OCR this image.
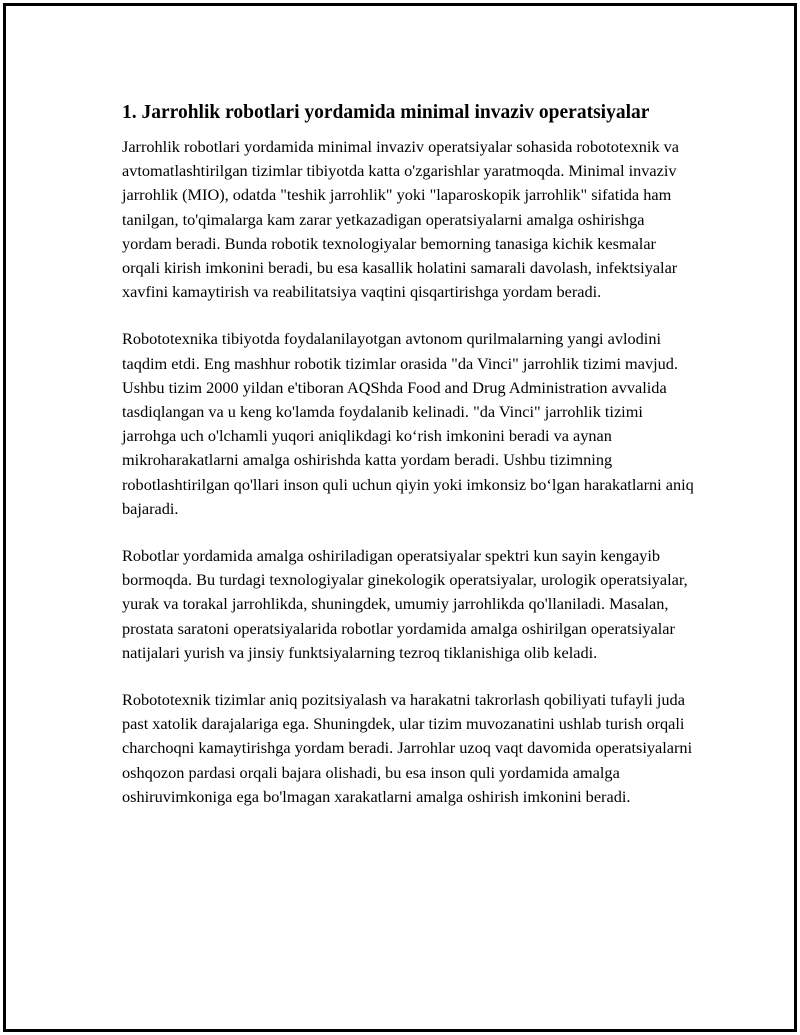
1. Jarrohlik robotlari yordamida minimal invaziv operatsiyalar

Jarrohlik robotlari yordamida minimal invaziv operatsiyalar sohasida robototexnik va avtomatlashtirilgan tizimlar tibiyotda katta o'zgarishlar yaratmoqda. Minimal invaziv jarrohlik (MIO), odatda "teshik jarrohlik" yoki "laparoskopik jarrohlik" sifatida ham tanilgan, to'qimalarga kam zarar yetkazadigan operatsiyalarni amalga oshirishga yordam beradi. Bunda robotik texnologiyalar bemorning tanasiga kichik kesmalar orqali kirish imkonini beradi, bu esa kasallik holatini samarali davolash, infektsiyalar xavfini kamaytirish va reabilitatsiya vaqtini qisqartirishga yordam beradi.

Robototexnika tibiyotda foydalanilayotgan avtonom qurilmalarning yangi avlodini taqdim etdi. Eng mashhur robotik tizimlar orasida "da Vinci" jarrohlik tizimi mavjud. Ushbu tizim 2000 yildan e'tiboran AQShda Food and Drug Administration avvalida tasdiqlangan va u keng ko'lamda foydalanib kelinadi. "da Vinci" jarrohlik tizimi jarrohga uch o'lchamli yuqori aniqlikdagi ko‘rish imkonini beradi va aynan mikroharakatlarni amalga oshirishda katta yordam beradi. Ushbu tizimning robotlashtirilgan qo'llari inson quli uchun qiyin yoki imkonsiz bo‘lgan harakatlarni aniq bajaradi.

Robotlar yordamida amalga oshiriladigan operatsiyalar spektri kun sayin kengayib bormoqda. Bu turdagi texnologiyalar ginekologik operatsiyalar, urologik operatsiyalar, yurak va torakal jarrohlikda, shuningdek, umumiy jarrohlikda qo'llaniladi. Masalan, prostata saratoni operatsiyalarida robotlar yordamida amalga oshirilgan operatsiyalar natijalari yurish va jinsiy funktsiyalarning tezroq tiklanishiga olib keladi.

Robototexnik tizimlar aniq pozitsiyalash va harakatni takrorlash qobiliyati tufayli juda past xatolik darajalariga ega. Shuningdek, ular tizim muvozanatini ushlab turish orqali charchoqni kamaytirishga yordam beradi. Jarrohlar uzoq vaqt davomida operatsiyalarni oshqozon pardasi orqali bajara olishadi, bu esa inson quli yordamida amalga oshiruvimkoniga ega bo'lmagan xarakatlarni amalga oshirish imkonini beradi.
